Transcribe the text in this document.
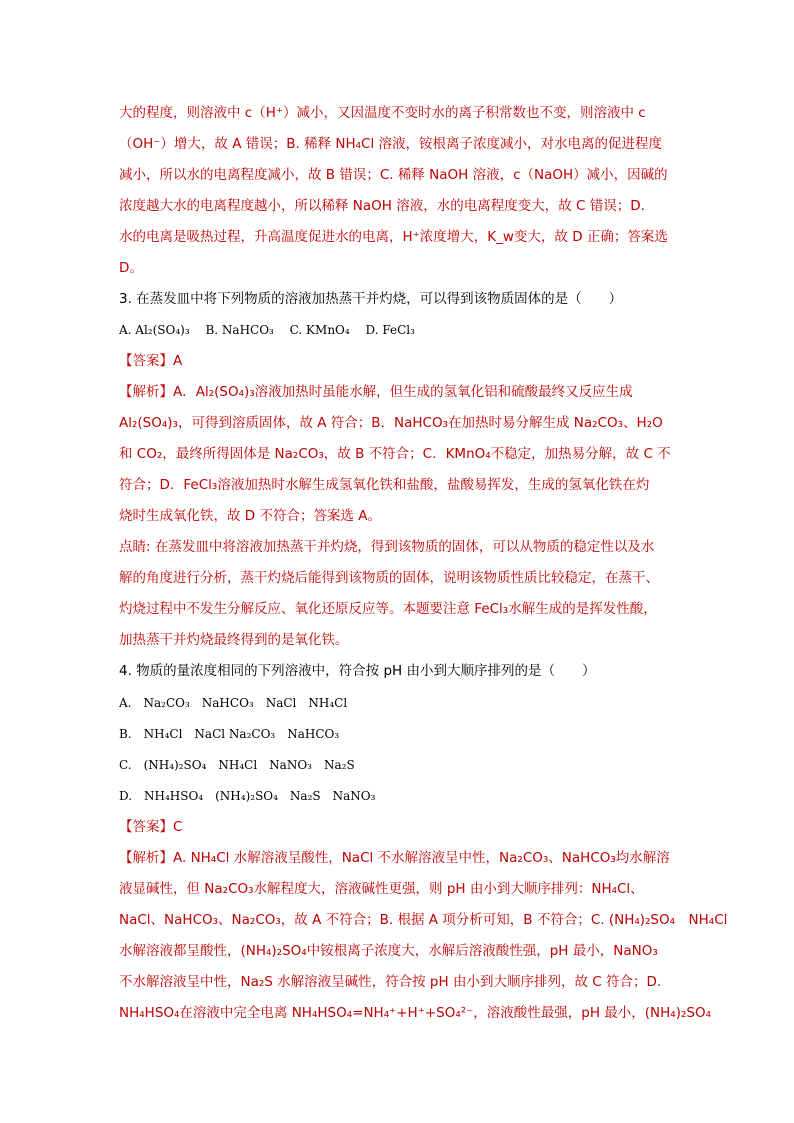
大的程度，则溶液中 c（H⁺）减小，又因温度不变时水的离子积常数也不变，则溶液中 c
（OH⁻）增大，故 A 错误；B. 稀释 NH₄Cl 溶液，铵根离子浓度减小，对水电离的促进程度
减小，所以水的电离程度减小，故 B 错误；C. 稀释 NaOH 溶液，c（NaOH）减小，因碱的
浓度越大水的电离程度越小，所以稀释 NaOH 溶液，水的电离程度变大，故 C 错误；D.
水的电离是吸热过程，升高温度促进水的电离，H⁺浓度增大，K_w变大，故 D 正确；答案选
D。
3. 在蒸发皿中将下列物质的溶液加热蒸干并灼烧，可以得到该物质固体的是（　　）
A. Al₂(SO₄)₃　 B. NaHCO₃　 C. KMnO₄　 D. FeCl₃
【答案】A
【解析】A．Al₂(SO₄)₃溶液加热时虽能水解，但生成的氢氧化铝和硫酸最终又反应生成
Al₂(SO₄)₃，可得到溶质固体，故 A 符合；B．NaHCO₃在加热时易分解生成 Na₂CO₃、H₂O
和 CO₂，最终所得固体是 Na₂CO₃，故 B 不符合；C．KMnO₄不稳定，加热易分解，故 C 不
符合；D．FeCl₃溶液加热时水解生成氢氧化铁和盐酸，盐酸易挥发，生成的氢氧化铁在灼
烧时生成氧化铁，故 D 不符合；答案选 A。
点睛: 在蒸发皿中将溶液加热蒸干并灼烧，得到该物质的固体，可以从物质的稳定性以及水
解的角度进行分析，蒸干灼烧后能得到该物质的固体，说明该物质性质比较稳定，在蒸干、
灼烧过程中不发生分解反应、氧化还原反应等。本题要注意 FeCl₃水解生成的是挥发性酸，
加热蒸干并灼烧最终得到的是氧化铁。
4. 物质的量浓度相同的下列溶液中，符合按 pH 由小到大顺序排列的是（　　）
A.　Na₂CO₃　NaHCO₃　NaCl　NH₄Cl
B.　NH₄Cl　NaCl Na₂CO₃　NaHCO₃
C.　(NH₄)₂SO₄　NH₄Cl　NaNO₃　Na₂S
D.　NH₄HSO₄　(NH₄)₂SO₄　Na₂S　NaNO₃
【答案】C
【解析】A. NH₄Cl 水解溶液呈酸性，NaCl 不水解溶液呈中性，Na₂CO₃、NaHCO₃均水解溶
液显碱性，但 Na₂CO₃水解程度大，溶液碱性更强，则 pH 由小到大顺序排列：NH₄Cl、
NaCl、NaHCO₃、Na₂CO₃，故 A 不符合；B. 根据 A 项分析可知，B 不符合；C. (NH₄)₂SO₄　NH₄Cl
水解溶液都呈酸性，(NH₄)₂SO₄中铵根离子浓度大，水解后溶液酸性强，pH 最小，NaNO₃
不水解溶液呈中性，Na₂S 水解溶液呈碱性，符合按 pH 由小到大顺序排列，故 C 符合；D.
NH₄HSO₄在溶液中完全电离 NH₄HSO₄=NH₄⁺+H⁺+SO₄²⁻，溶液酸性最强，pH 最小，(NH₄)₂SO₄
